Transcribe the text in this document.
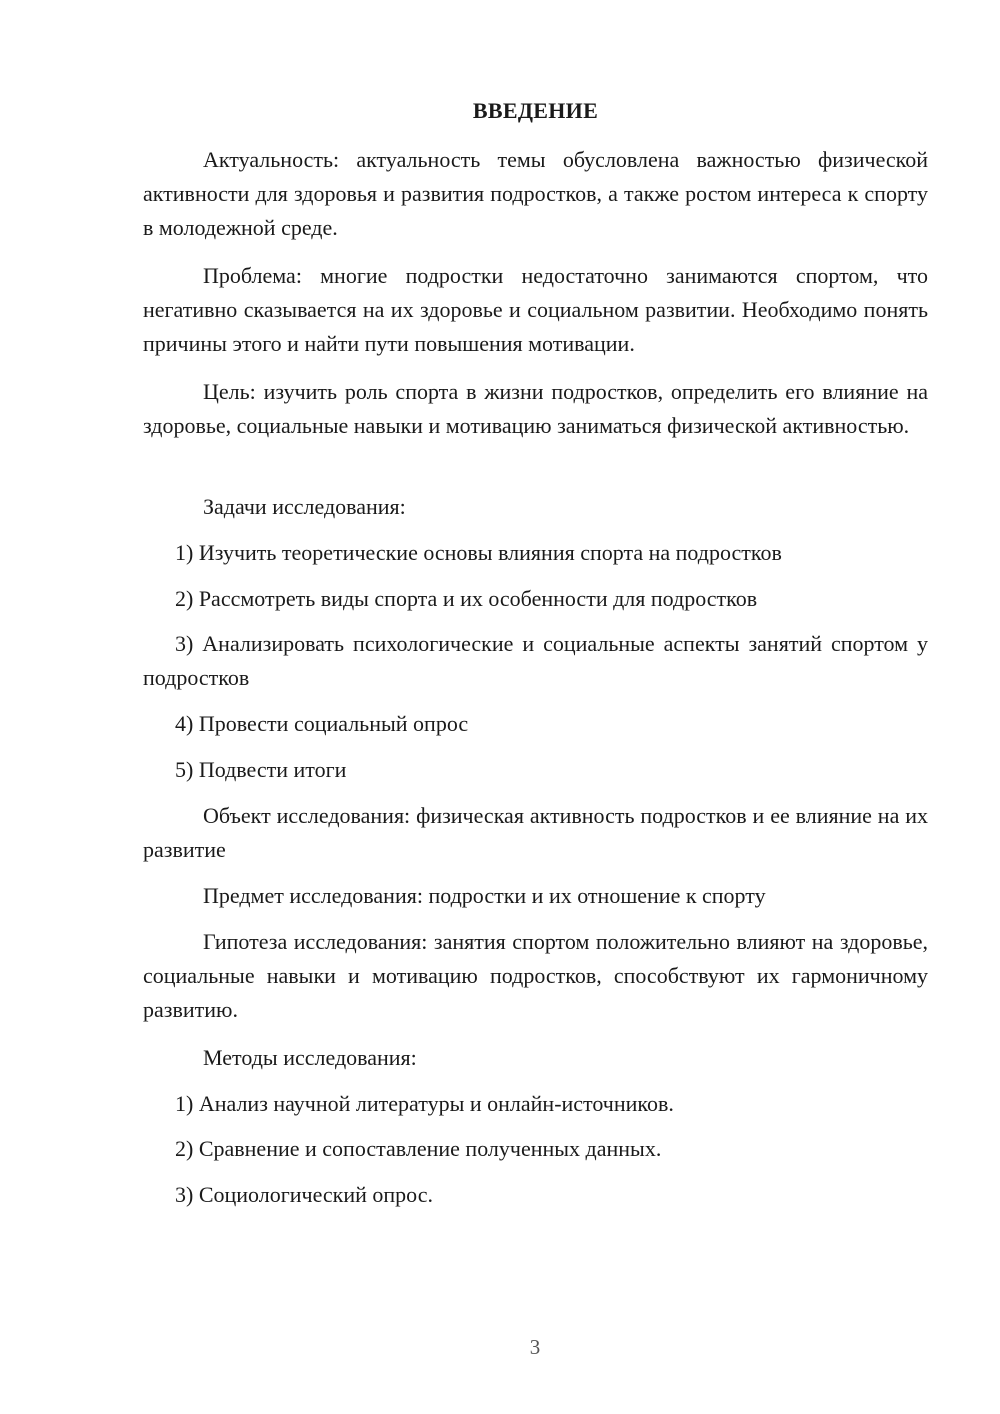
ВВЕДЕНИЕ

Актуальность: актуальность темы обусловлена важностью физической активности для здоровья и развития подростков, а также ростом интереса к спорту в молодежной среде.

Проблема: многие подростки недостаточно занимаются спортом, что негативно сказывается на их здоровье и социальном развитии. Необходимо понять причины этого и найти пути повышения мотивации.

Цель: изучить роль спорта в жизни подростков, определить его влияние на здоровье, социальные навыки и мотивацию заниматься физической активностью.

Задачи исследования:

1) Изучить теоретические основы влияния спорта на подростков

2) Рассмотреть виды спорта и их особенности для подростков

3) Анализировать психологические и социальные аспекты занятий спортом у подростков

4) Провести социальный опрос

5) Подвести итоги

Объект исследования: физическая активность подростков и ее влияние на их развитие

Предмет исследования: подростки и их отношение к спорту

Гипотеза исследования: занятия спортом положительно влияют на здоровье, социальные навыки и мотивацию подростков, способствуют их гармоничному развитию.

Методы исследования:

1) Анализ научной литературы и онлайн-источников.

2) Сравнение и сопоставление полученных данных.

3) Социологический опрос.

3
